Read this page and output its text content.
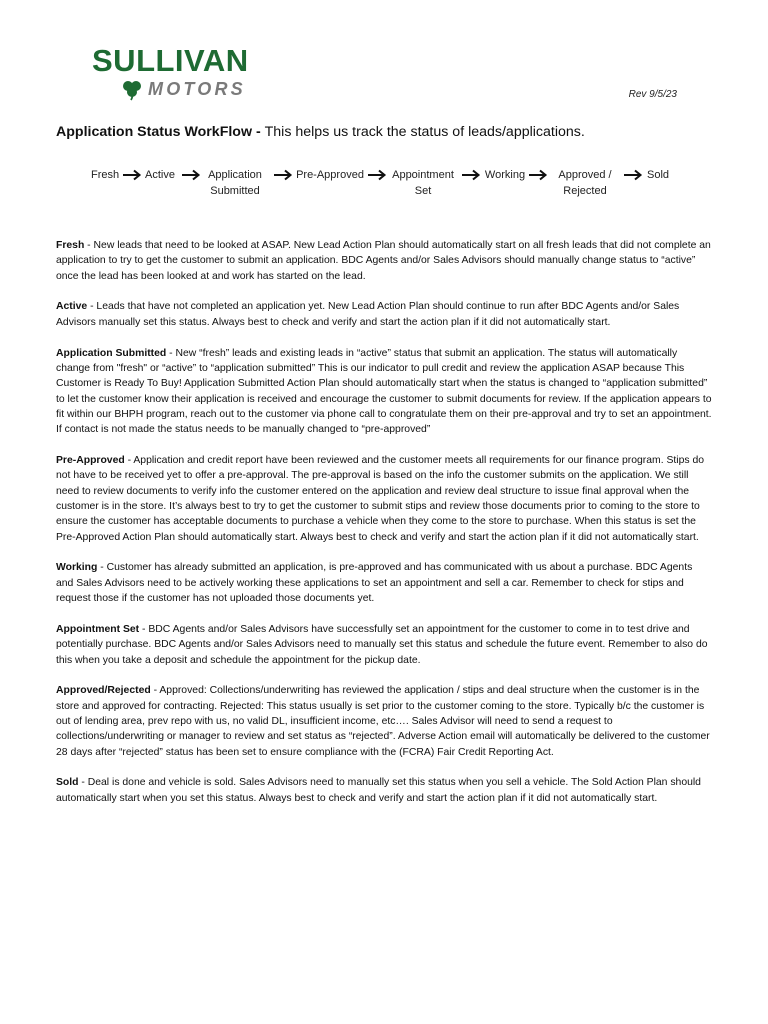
SULLIVAN
MOTORS	Rev 9/5/23
Application Status WorkFlow - This helps us track the status of leads/applications.
Fresh Active	Application
Submitted
Pre-Approved	Appointment
Set
Working	Approved /
Rejected
Sold

Fresh - New leads that need to be looked at ASAP. New Lead Action Plan should automatically start on all fresh leads that did not complete an application to try to get the customer to submit an application. BDC Agents and/or Sales Advisors should manually change status to “active” once the lead has been looked at and work has started on the lead.

Active - Leads that have not completed an application yet. New Lead Action Plan should continue to run after BDC Agents and/or Sales Advisors manually set this status. Always best to check and verify and start the action plan if it did not automatically start.

Application Submitted - New “fresh” leads and existing leads in “active” status that submit an application. The status will automatically change from "fresh" or “active” to “application submitted” This is our indicator to pull credit and review the application ASAP because This Customer is Ready To Buy! Application Submitted Action Plan should automatically start when the status is changed to “application submitted” to let the customer know their application is received and encourage the customer to submit documents for review. If the application appears to fit within our BHPH program, reach out to the customer via phone call to congratulate them on their pre-approval and try to set an appointment. If contact is not made the status needs to be manually changed to “pre-approved”

Pre-Approved - Application and credit report have been reviewed and the customer meets all requirements for our finance program. Stips do not have to be received yet to offer a pre-approval. The pre-approval is based on the info the customer submits on the application. We still need to review documents to verify info the customer entered on the application and review deal structure to issue final approval when the customer is in the store. It’s always best to try to get the customer to submit stips and review those documents prior to coming to the store to ensure the customer has acceptable documents to purchase a vehicle when they come to the store to purchase. When this status is set the Pre-Approved Action Plan should automatically start. Always best to check and verify and start the action plan if it did not automatically start.

Working - Customer has already submitted an application, is pre-approved and has communicated with us about a purchase. BDC Agents and Sales Advisors need to be actively working these applications to set an appointment and sell a car. Remember to check for stips and request those if the customer has not uploaded those documents yet.

Appointment Set - BDC Agents and/or Sales Advisors have successfully set an appointment for the customer to come in to test drive and potentially purchase. BDC Agents and/or Sales Advisors need to manually set this status and schedule the future event. Remember to also do this when you take a deposit and schedule the appointment for the pickup date.

Approved/Rejected - Approved: Collections/underwriting has reviewed the application / stips and deal structure when the customer is in the store and approved for contracting. Rejected: This status usually is set prior to the customer coming to the store. Typically b/c the customer is out of lending area, prev repo with us, no valid DL, insufficient income, etc…. Sales Advisor will need to send a request to collections/underwriting or manager to review and set status as “rejected”. Adverse Action email will automatically be delivered to the customer 28 days after “rejected” status has been set to ensure compliance with the (FCRA) Fair Credit Reporting Act.

Sold - Deal is done and vehicle is sold. Sales Advisors need to manually set this status when you sell a vehicle. The Sold Action Plan should automatically start when you set this status. Always best to check and verify and start the action plan if it did not automatically start.
